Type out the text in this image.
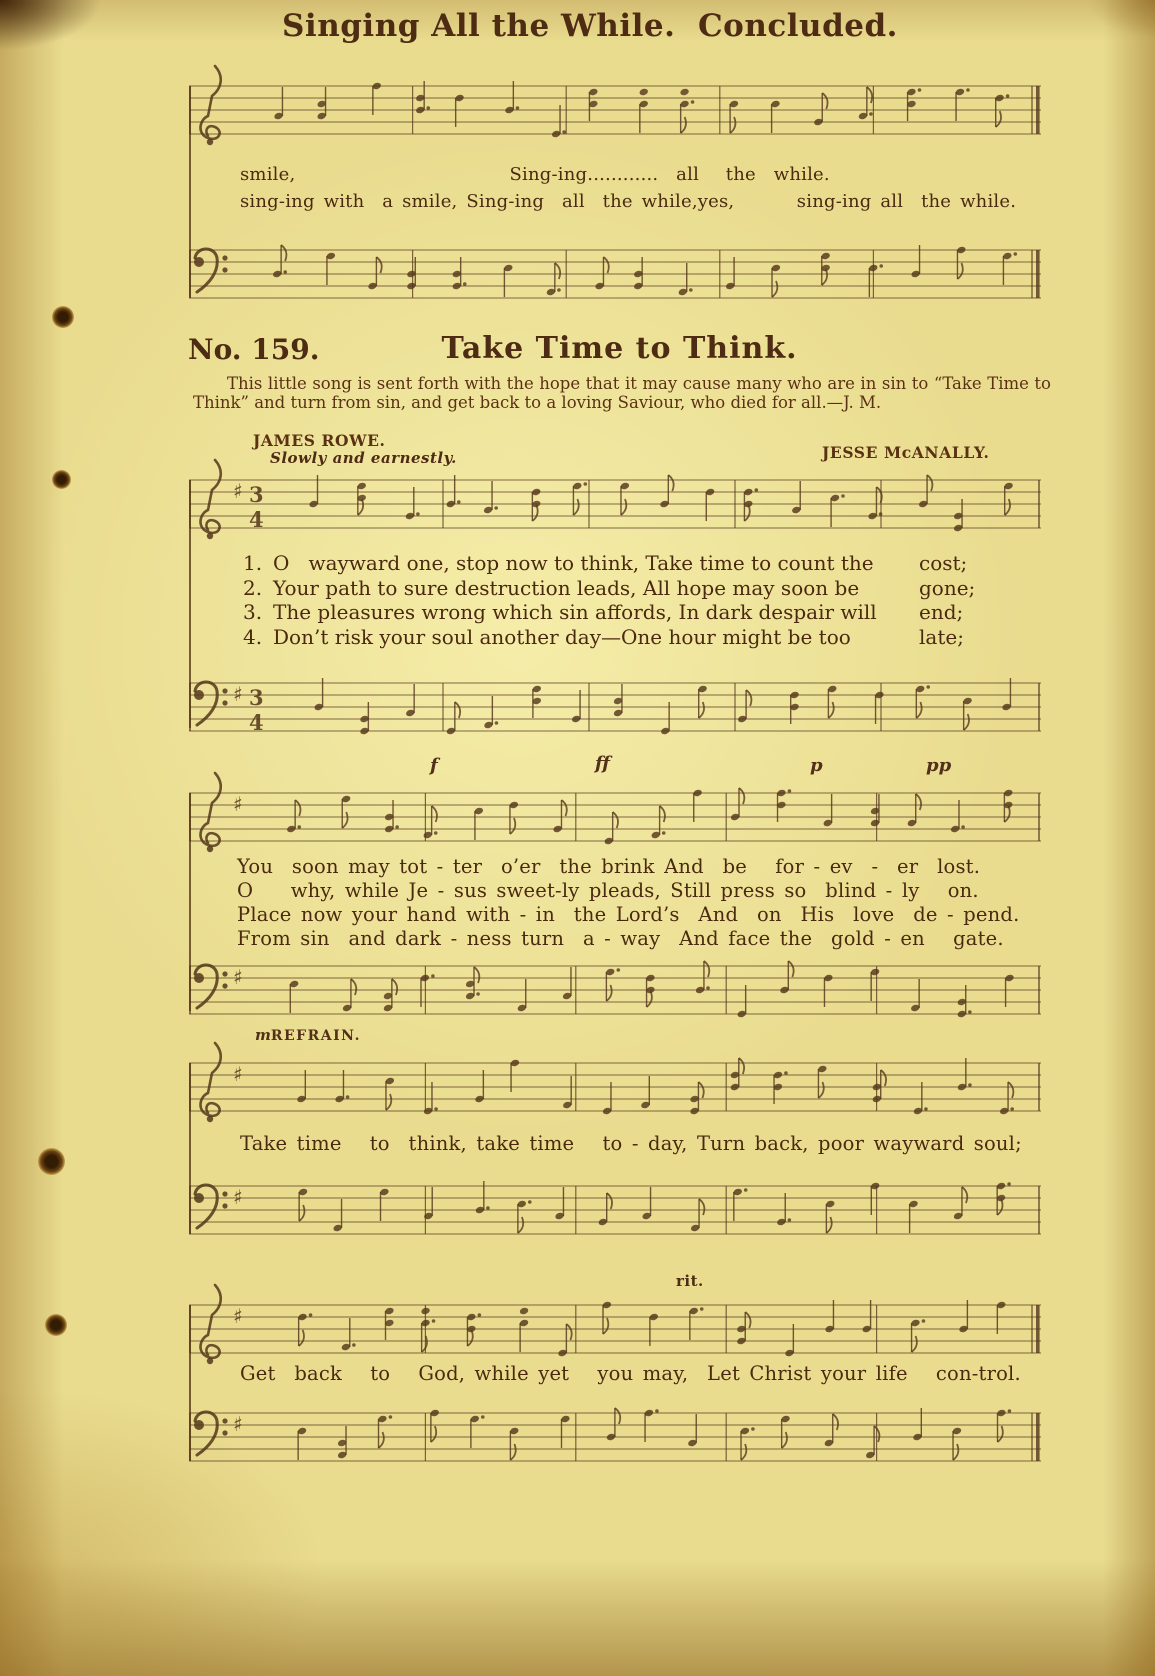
Singing All the While.  Concluded.
smile,                        Sing-ing............  all   the  while.
sing-ing with  a smile, Sing-ing  all  the while,yes,       sing-ing all  the while.
No. 159.	Take Time to Think.
This little song is sent forth with the hope that it may cause many who are in sin to “Take Time to Think” and turn from sin, and get back to a loving Saviour, who died for all.—J. M.
JAMES ROWE.
JESSE McANALLY.
Slowly and earnestly.
♯ 3
4
1. O   wayward one, stop now to think, Take time to count the	cost;
2. Your path to sure destruction leads, All hope may soon be	gone;
3. The pleasures wrong which sin affords, In dark despair will	end;
4. Don’t risk your soul another day—One hour might be too	late;
♯ 3
4
f	ff	p	pp
♯
You  soon may tot - ter  o’er  the brink And  be   for - ev  -  er  lost.
O    why, while Je - sus sweet-ly pleads, Still press so  blind - ly   on.
Place now your hand with - in  the Lord’s  And  on  His  love  de - pend.
From sin  and dark - ness turn  a - way  And face the  gold - en   gate.
♯
mREFRAIN.
♯
Take time   to  think, take time   to - day, Turn back, poor wayward soul;
♯
rit.
♯
Get  back   to   God, while yet   you may,  Let Christ your life   con-trol.
♯
